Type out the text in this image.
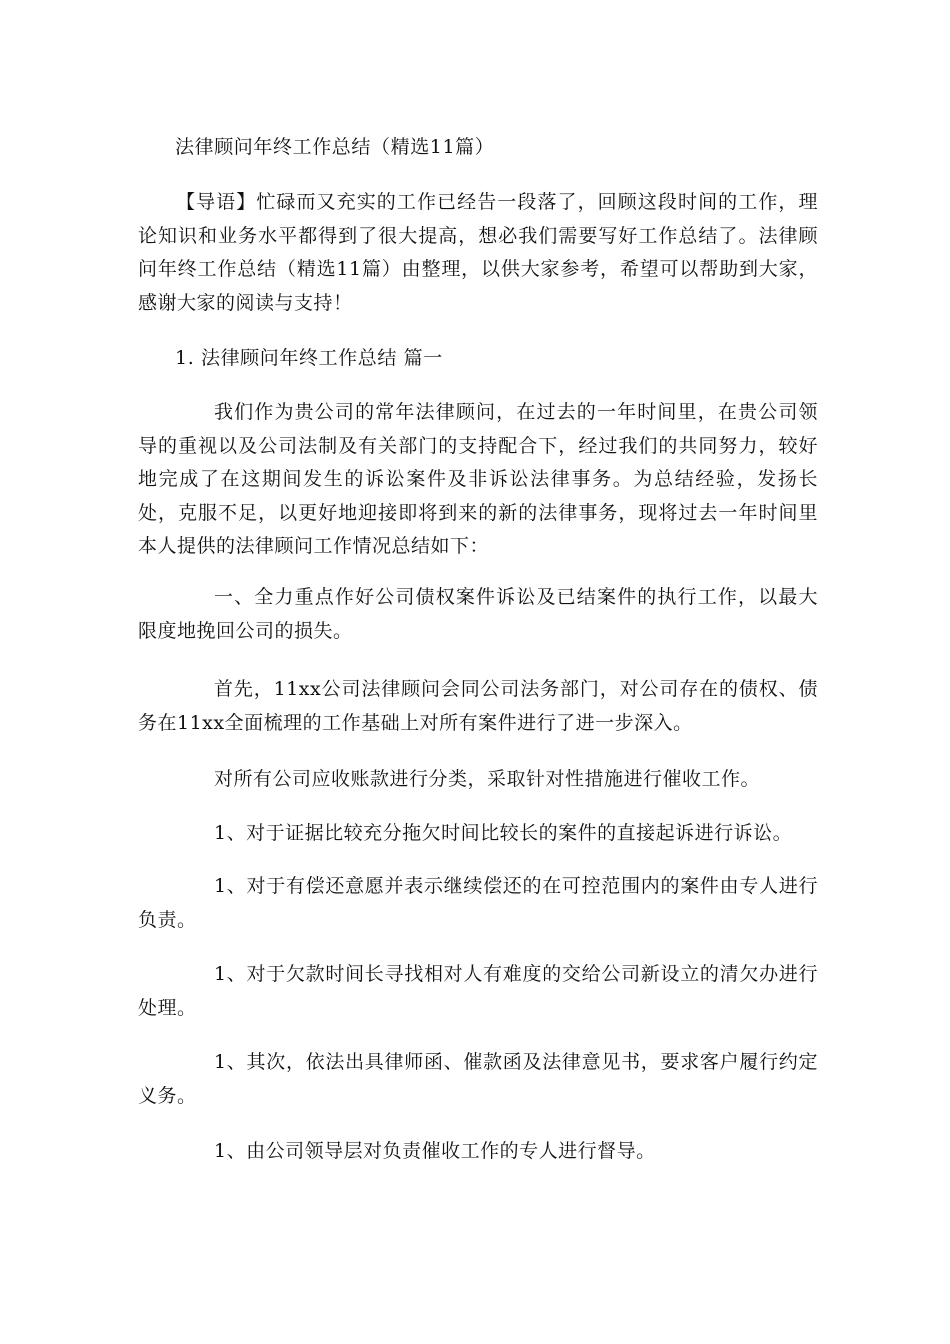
法律顾问年终工作总结（精选11篇）
【导语】忙碌而又充实的工作已经告一段落了，回顾这段时间的工作，理论知识和业务水平都得到了很大提高，想必我们需要写好工作总结了。法律顾问年终工作总结（精选11篇）由整理，以供大家参考，希望可以帮助到大家，感谢大家的阅读与支持！
1. 法律顾问年终工作总结 篇一
我们作为贵公司的常年法律顾问，在过去的一年时间里，在贵公司领导的重视以及公司法制及有关部门的支持配合下，经过我们的共同努力，较好地完成了在这期间发生的诉讼案件及非诉讼法律事务。为总结经验，发扬长处，克服不足，以更好地迎接即将到来的新的法律事务，现将过去一年时间里本人提供的法律顾问工作情况总结如下：
一、全力重点作好公司债权案件诉讼及已结案件的执行工作，以最大限度地挽回公司的损失。
首先，11xx公司法律顾问会同公司法务部门，对公司存在的债权、债务在11xx全面梳理的工作基础上对所有案件进行了进一步深入。
对所有公司应收账款进行分类，采取针对性措施进行催收工作。
1、对于证据比较充分拖欠时间比较长的案件的直接起诉进行诉讼。
1、对于有偿还意愿并表示继续偿还的在可控范围内的案件由专人进行负责。
1、对于欠款时间长寻找相对人有难度的交给公司新设立的清欠办进行处理。
1、其次，依法出具律师函、催款函及法律意见书，要求客户履行约定义务。
1、由公司领导层对负责催收工作的专人进行督导。
